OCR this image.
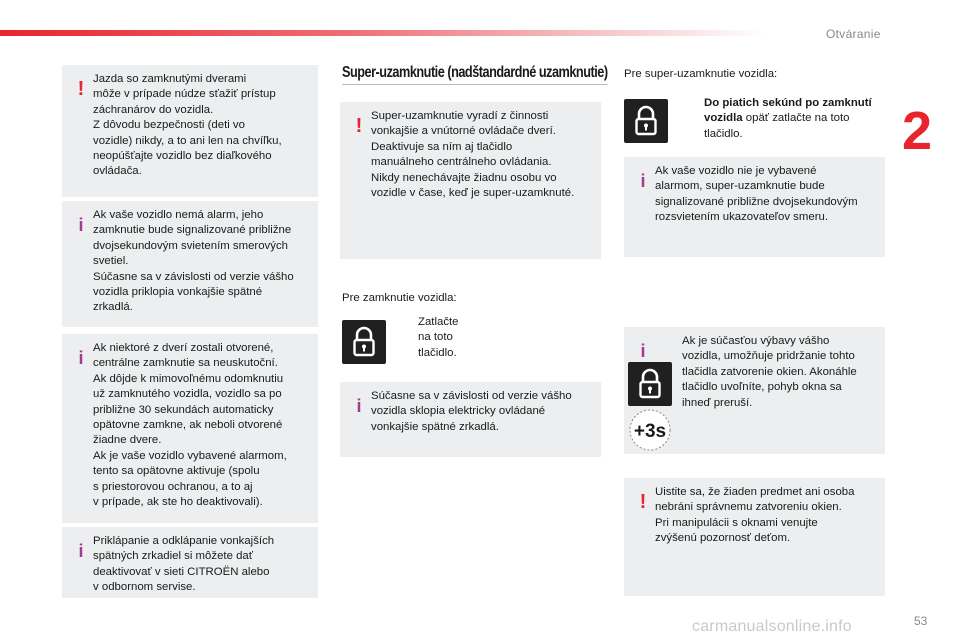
Otváranie
2
! Jazda so zamknutými dverami
môže v prípade núdze sťažiť prístup
záchranárov do vozidla.
Z dôvodu bezpečnosti (deti vo
vozidle) nikdy, a to ani len na chvíľku,
neopúšťajte vozidlo bez diaľkového
ovládača.
i Ak vaše vozidlo nemá alarm, jeho
zamknutie bude signalizované približne
dvojsekundovým svietením smerových
svetiel.
Súčasne sa v závislosti od verzie vášho
vozidla priklopia vonkajšie spätné
zrkadlá.
i Ak niektoré z dverí zostali otvorené,
centrálne zamknutie sa neuskutoční.
Ak dôjde k mimovoľnému odomknutiu
už zamknutého vozidla, vozidlo sa po
približne 30 sekundách automaticky
opätovne zamkne, ak neboli otvorené
žiadne dvere.
Ak je vaše vozidlo vybavené alarmom,
tento sa opätovne aktivuje (spolu
s priestorovou ochranou, a to aj
v prípade, ak ste ho deaktivovali).
i Priklápanie a odklápanie vonkajších
spätných zrkadiel si môžete dať
deaktivovať v sieti CITROËN alebo
v odbornom servise.
Super-uzamknutie (nadštandardné uzamknutie)
! Super-uzamknutie vyradí z činnosti
vonkajšie a vnútorné ovládače dverí.
Deaktivuje sa ním aj tlačidlo
manuálneho centrálneho ovládania.
Nikdy nenechávajte žiadnu osobu vo
vozidle v čase, keď je super-uzamknuté.
Pre zamknutie vozidla:
Zatlačte na toto tlačidlo.
i Súčasne sa v závislosti od verzie vášho
vozidla sklopia elektricky ovládané
vonkajšie spätné zrkadlá.
Pre super-uzamknutie vozidla:
Do piatich sekúnd po zamknutí
vozidla opäť zatlačte na toto
tlačidlo.
i Ak vaše vozidlo nie je vybavené
alarmom, super-uzamknutie bude
signalizované približne dvojsekundovým
rozsvietením ukazovateľov smeru.
i	Ak je súčasťou výbavy vášho
vozidla, umožňuje pridržanie tohto
tlačidla zatvorenie okien. Akonáhle
tlačidlo uvoľníte, pohyb okna sa
ihneď preruší.
+3s
! Uistite sa, že žiaden predmet ani osoba
nebráni správnemu zatvoreniu okien.
Pri manipulácii s oknami venujte
zvýšenú pozornosť deťom.
carmanualsonline.info	53
